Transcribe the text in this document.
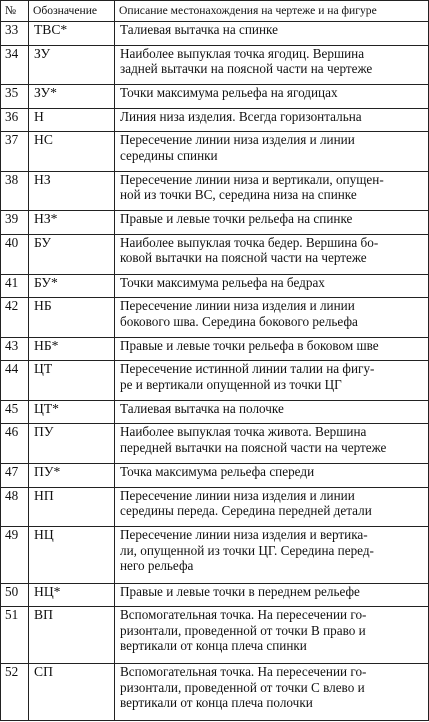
№	Обозначение	Описание местонахождения на чертеже и на фигуре
33	ТВС*	Талиевая вытачка на спинке

34	ЗУ	Наиболее выпуклая точка ягодиц. Вершина
задней вытачки на поясной части на чертеже

35	ЗУ*	Точки максимума рельефа на ягодицах

36	Н	Линия низа изделия. Всегда горизонтальна

37	НС	Пересечение линии низа изделия и линии
середины спинки

38	НЗ	Пересечение линии низа и вертикали, опущен-
ной из точки ВС, середина низа на спинке

39	НЗ*	Правые и левые точки рельефа на спинке

40	БУ	Наиболее выпуклая точка бедер. Вершина бо-
ковой вытачки на поясной части на чертеже

41	БУ*	Точки максимума рельефа на бедрах

42	НБ	Пересечение линии низа изделия и линии
бокового шва. Середина бокового рельефа

43	НБ*	Правые и левые точки рельефа в боковом шве

44	ЦТ	Пересечение истинной линии талии на фигу-
ре и вертикали опущенной из точки ЦГ

45	ЦТ*	Талиевая вытачка на полочке

46	ПУ	Наиболее выпуклая точка живота. Вершина
передней вытачки на поясной части на чертеже

47	ПУ*	Точка максимума рельефа спереди

48	НП	Пересечение линии низа изделия и линии
середины переда. Середина передней детали

49	НЦ	Пересечение линии низа изделия и вертика-
ли, опущенной из точки ЦГ. Середина перед-
него рельефа

50	НЦ*	Правые и левые точки в переднем рельефе

51	ВП	Вспомогательная точка. На пересечении го-
ризонтали, проведенной от точки В право и
вертикали от конца плеча спинки

52	СП	Вспомогательная точка. На пересечении го-
ризонтали, проведенной от точки С влево и
вертикали от конца плеча полочки
